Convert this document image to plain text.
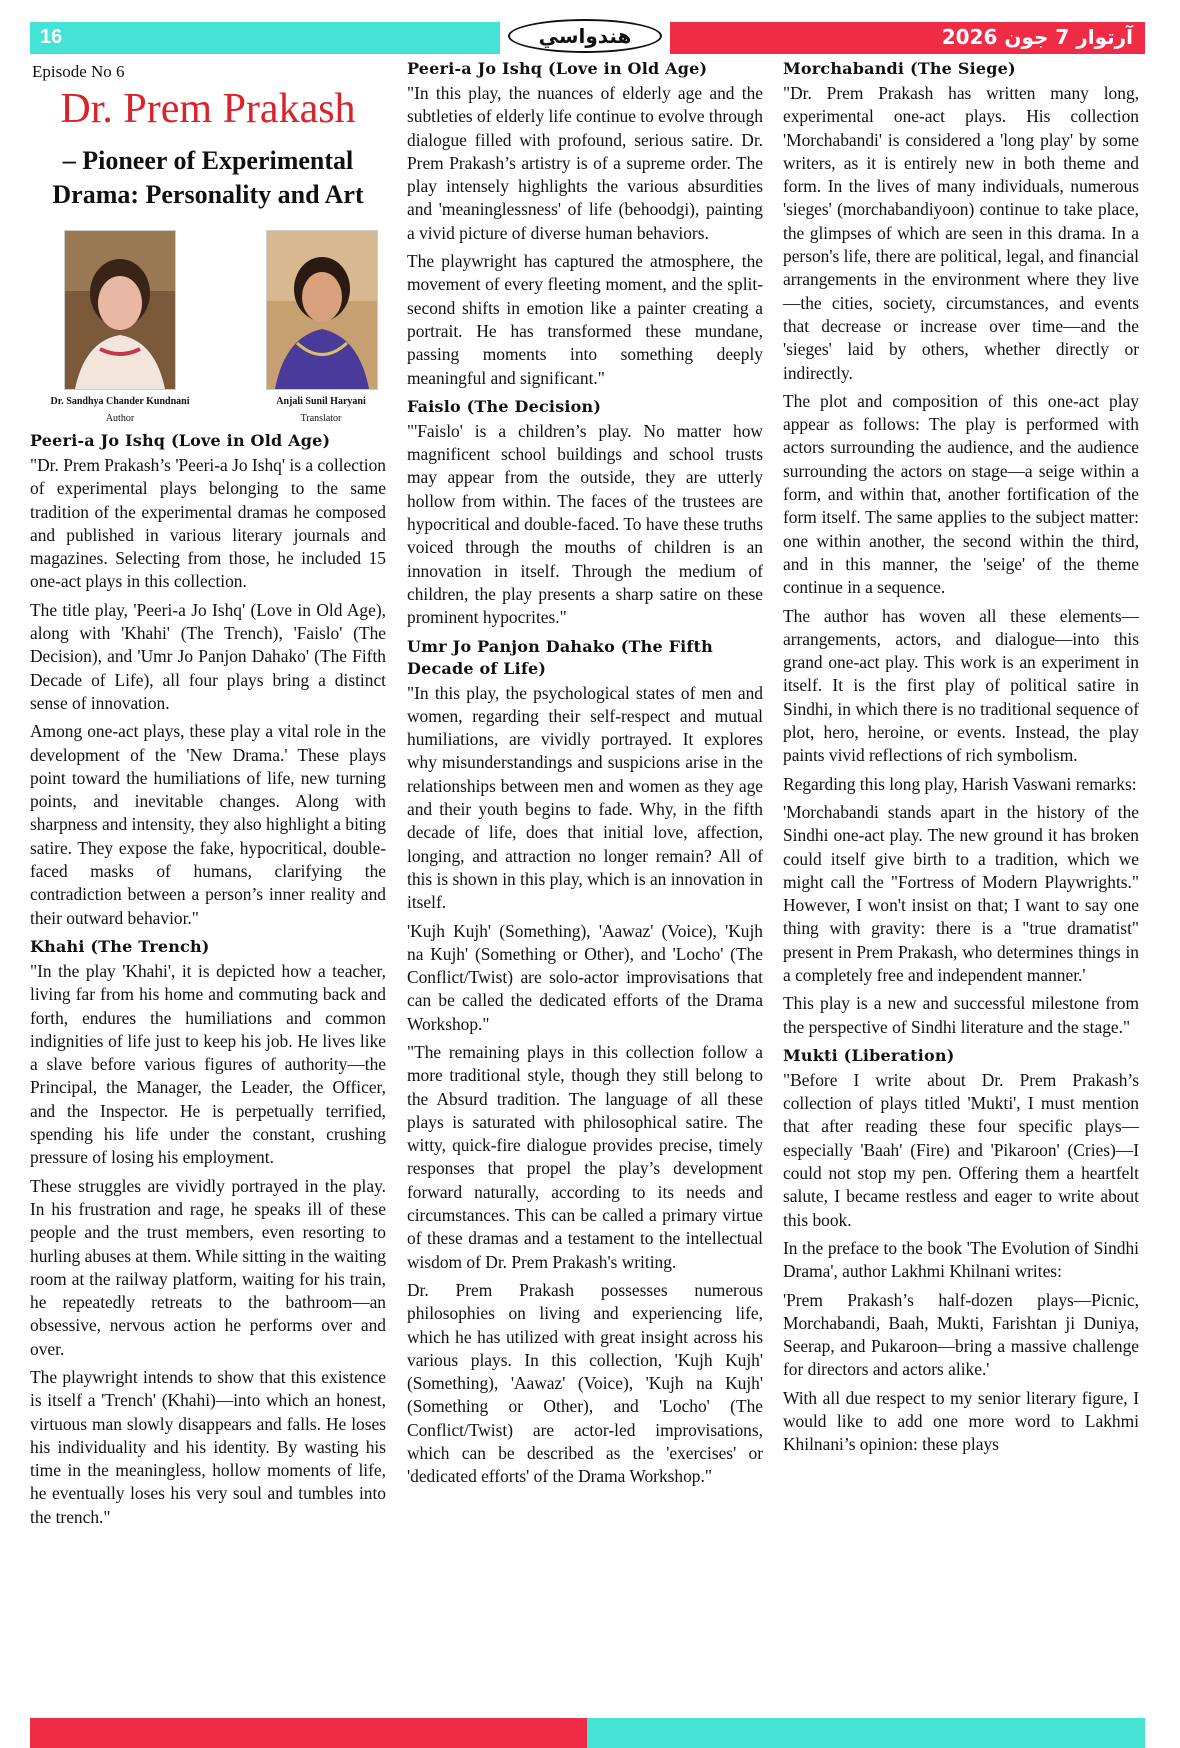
16	هندواسي	آرتوار 7 جون 2026
Episode No 6
Dr. Prem Prakash
– Pioneer of Experimental
Drama: Personality and Art
Dr. Sandhya Chander Kundnani
Author
Anjali Sunil Haryani
Translator
Peeri-a Jo Ishq (Love in Old Age)

"Dr. Prem Prakash’s 'Peeri-a Jo Ishq' is a collection of experimental plays belonging to the same tradition of the experimental dramas he composed and published in various literary journals and magazines. Selecting from those, he included 15 one-act plays in this collection.

The title play, 'Peeri-a Jo Ishq' (Love in Old Age), along with 'Khahi' (The Trench), 'Faislo' (The Decision), and 'Umr Jo Panjon Dahako' (The Fifth Decade of Life), all four plays bring a distinct sense of innovation.

Among one-act plays, these play a vital role in the development of the 'New Drama.' These plays point toward the humiliations of life, new turning points, and inevitable changes. Along with sharpness and intensity, they also highlight a biting satire. They expose the fake, hypocritical, double-faced masks of humans, clarifying the contradiction between a person’s inner reality and their outward behavior."

Khahi (The Trench)

"In the play 'Khahi', it is depicted how a teacher, living far from his home and commuting back and forth, endures the humiliations and common indignities of life just to keep his job. He lives like a slave before various figures of authority—the Principal, the Manager, the Leader, the Officer, and the Inspector. He is perpetually terrified, spending his life under the constant, crushing pressure of losing his employment.

These struggles are vividly portrayed in the play. In his frustration and rage, he speaks ill of these people and the trust members, even resorting to hurling abuses at them. While sitting in the waiting room at the railway platform, waiting for his train, he repeatedly retreats to the bathroom—an obsessive, nervous action he performs over and over.

The playwright intends to show that this existence is itself a 'Trench' (Khahi)—into which an honest, virtuous man slowly disappears and falls. He loses his individuality and his identity. By wasting his time in the meaningless, hollow moments of life, he eventually loses his very soul and tumbles into the trench."

Peeri-a Jo Ishq (Love in Old Age)

"In this play, the nuances of elderly age and the subtleties of elderly life continue to evolve through dialogue filled with profound, serious satire. Dr. Prem Prakash’s artistry is of a supreme order. The play intensely highlights the various absurdities and 'meaninglessness' of life (behoodgi), painting a vivid picture of diverse human behaviors.

The playwright has captured the atmosphere, the movement of every fleeting moment, and the split-second shifts in emotion like a painter creating a portrait. He has transformed these mundane, passing moments into something deeply meaningful and significant."

Faislo (The Decision)

"'Faislo' is a children’s play. No matter how magnificent school buildings and school trusts may appear from the outside, they are utterly hollow from within. The faces of the trustees are hypocritical and double-faced. To have these truths voiced through the mouths of children is an innovation in itself. Through the medium of children, the play presents a sharp satire on these prominent hypocrites."

Umr Jo Panjon Dahako (The Fifth Decade of Life)

"In this play, the psychological states of men and women, regarding their self-respect and mutual humiliations, are vividly portrayed. It explores why misunderstandings and suspicions arise in the relationships between men and women as they age and their youth begins to fade. Why, in the fifth decade of life, does that initial love, affection, longing, and attraction no longer remain? All of this is shown in this play, which is an innovation in itself.

'Kujh Kujh' (Something), 'Aawaz' (Voice), 'Kujh na Kujh' (Something or Other), and 'Locho' (The Conflict/Twist) are solo-actor improvisations that can be called the dedicated efforts of the Drama Workshop."

"The remaining plays in this collection follow a more traditional style, though they still belong to the Absurd tradition. The language of all these plays is saturated with philosophical satire. The witty, quick-fire dialogue provides precise, timely responses that propel the play’s development forward naturally, according to its needs and circumstances. This can be called a primary virtue of these dramas and a testament to the intellectual wisdom of Dr. Prem Prakash's writing.

Dr. Prem Prakash possesses numerous philosophies on living and experiencing life, which he has utilized with great insight across his various plays. In this collection, 'Kujh Kujh' (Something), 'Aawaz' (Voice), 'Kujh na Kujh' (Something or Other), and 'Locho' (The Conflict/Twist) are actor-led improvisations, which can be described as the 'exercises' or 'dedicated efforts' of the Drama Workshop."

Morchabandi (The Siege)

"Dr. Prem Prakash has written many long, experimental one-act plays. His collection 'Morchabandi' is considered a 'long play' by some writers, as it is entirely new in both theme and form. In the lives of many individuals, numerous 'sieges' (morchabandiyoon) continue to take place, the glimpses of which are seen in this drama. In a person's life, there are political, legal, and financial arrangements in the environment where they live—the cities, society, circumstances, and events that decrease or increase over time—and the 'sieges' laid by others, whether directly or indirectly.

The plot and composition of this one-act play appear as follows: The play is performed with actors surrounding the audience, and the audience surrounding the actors on stage—a seige within a form, and within that, another fortification of the form itself. The same applies to the subject matter: one within another, the second within the third, and in this manner, the 'seige' of the theme continue in a sequence.

The author has woven all these elements—arrangements, actors, and dialogue—into this grand one-act play. This work is an experiment in itself. It is the first play of political satire in Sindhi, in which there is no traditional sequence of plot, hero, heroine, or events. Instead, the play paints vivid reflections of rich symbolism.

Regarding this long play, Harish Vaswani remarks:

'Morchabandi stands apart in the history of the Sindhi one-act play. The new ground it has broken could itself give birth to a tradition, which we might call the "Fortress of Modern Playwrights." However, I won't insist on that; I want to say one thing with gravity: there is a "true dramatist" present in Prem Prakash, who determines things in a completely free and independent manner.'

This play is a new and successful milestone from the perspective of Sindhi literature and the stage."

Mukti (Liberation)

"Before I write about Dr. Prem Prakash’s collection of plays titled 'Mukti', I must mention that after reading these four specific plays—especially 'Baah' (Fire) and 'Pikaroon' (Cries)—I could not stop my pen. Offering them a heartfelt salute, I became restless and eager to write about this book.

In the preface to the book 'The Evolution of Sindhi Drama', author Lakhmi Khilnani writes:

'Prem Prakash’s half-dozen plays—Picnic, Morchabandi, Baah, Mukti, Farishtan ji Duniya, Seerap, and Pukaroon—bring a massive challenge for directors and actors alike.'

With all due respect to my senior literary figure, I would like to add one more word to Lakhmi Khilnani’s opinion: these plays
